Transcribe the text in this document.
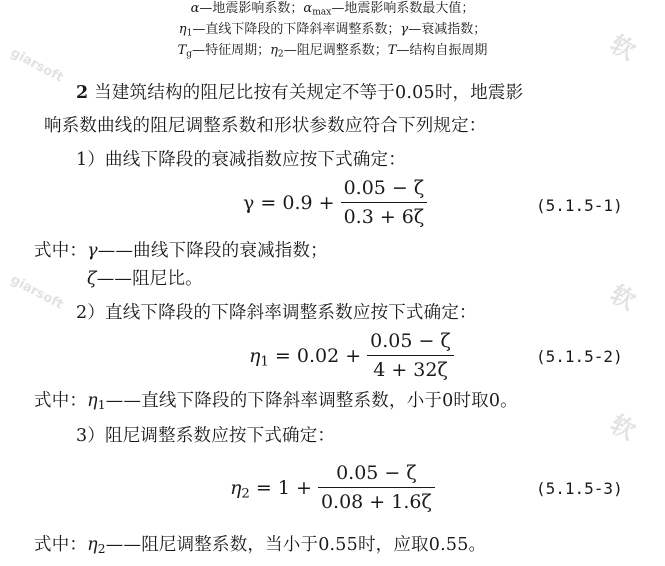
软
软
软
giarsoft
giarsoft
α—地震影响系数；$\alpha_{max}—$地震影响系数最大值；
$\eta_1—$直线下降段的下降斜率调整系数；γ—衰减指数；
$T_g—$特征周期；$\eta_2—$阻尼调整系数；T—结构自振周期
2 当建筑结构的阻尼比按有关规定不等于0.05时，地震影
响系数曲线的阻尼调整系数和形状参数应符合下列规定：
1）曲线下降段的衰减指数应按下式确定：
$\gamma = 0.9 + \frac{0.05 - \zeta}{0.3 + 6\zeta}$	(5.1.5-1)
式中：γ——曲线下降段的衰减指数；
ζ——阻尼比。
2）直线下降段的下降斜率调整系数应按下式确定：
$\eta_1 = 0.02 + \frac{0.05 - \zeta}{4 + 32\zeta}$	(5.1.5-2)
式中：$\eta_1——$直线下降段的下降斜率调整系数，小于0时取0。
3）阻尼调整系数应按下式确定：
$\eta_2 = 1 + \frac{0.05 - \zeta}{0.08 + 1.6\zeta}$	(5.1.5-3)
式中：$\eta_2——$阻尼调整系数，当小于0.55时，应取0.55。
